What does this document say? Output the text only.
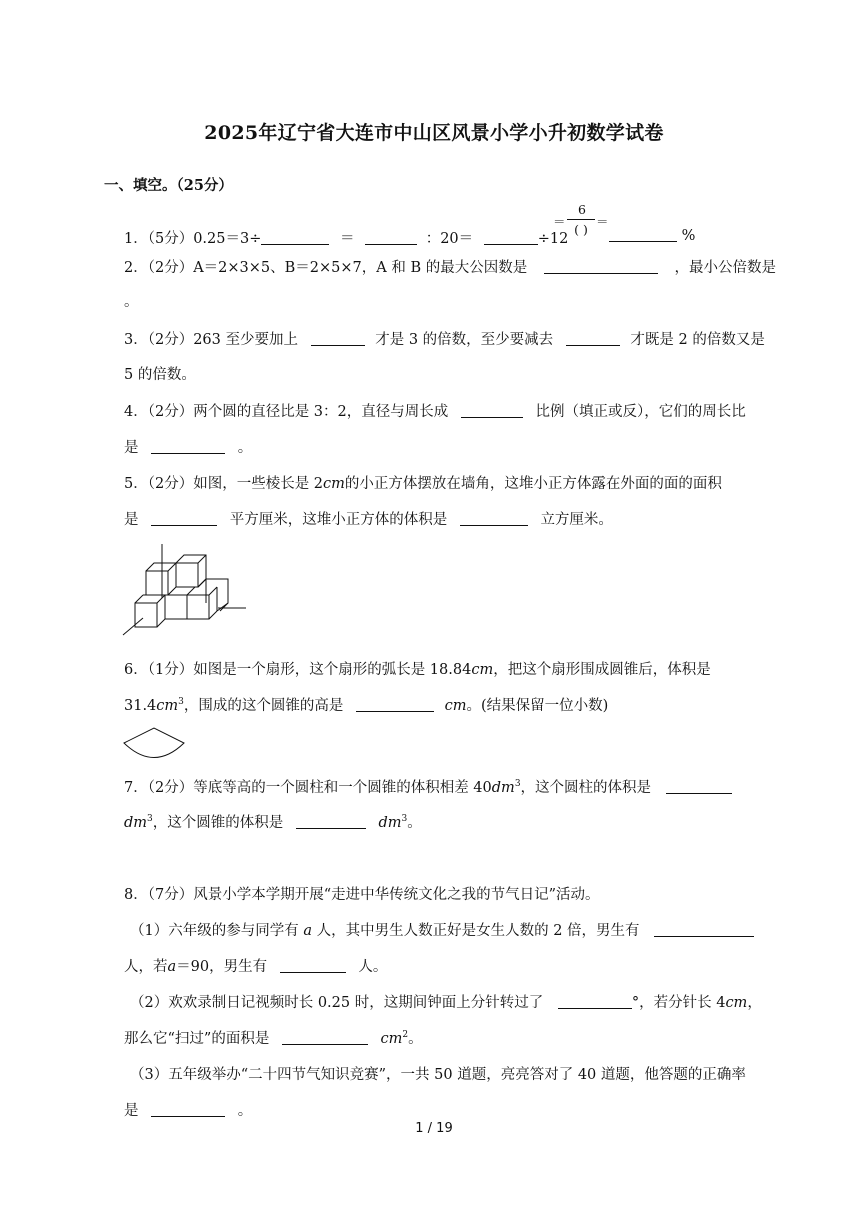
2025年辽宁省大连市中山区风景小学小升初数学试卷
一、填空。（25分）
1．（5分）0.25＝3÷	＝	：20＝	÷12
＝
6
( )
＝
%
2．（2分）A＝2×3×5、B＝2×5×7，A 和 B 的最大公因数是	，最小公倍数是
。
3．（2分）263 至少要加上	才是 3 的倍数，至少要减去	才既是 2 的倍数又是
5 的倍数。
4．（2分）两个圆的直径比是 3：2，直径与周长成	比例（填正或反），它们的周长比
是	。
5．（2分）如图，一些棱长是 2cm的小正方体摆放在墙角，这堆小正方体露在外面的面的面积
是	平方厘米，这堆小正方体的体积是	立方厘米。
6．（1分）如图是一个扇形，这个扇形的弧长是 18.84cm，把这个扇形围成圆锥后，体积是
$31.4cm^3$，围成的这个圆锥的高是	cm。(结果保留一位小数)
7．（2分）等底等高的一个圆柱和一个圆锥的体积相差 $40dm^3$，这个圆柱的体积是
$dm^3$，这个圆锥的体积是	$dm^3$。
8．（7分）风景小学本学期开展“走进中华传统文化之我的节气日记”活动。
（1）六年级的参与同学有 a 人，其中男生人数正好是女生人数的 2 倍，男生有
人，若a＝90，男生有	人。
（2）欢欢录制日记视频时长 0.25 时，这期间钟面上分针转过了	°，若分针长 4cm，
那么它“扫过”的面积是	$cm^2$。
（3）五年级举办“二十四节气知识竞赛”，一共 50 道题，亮亮答对了 40 道题，他答题的正确率
是	。
1 / 19
